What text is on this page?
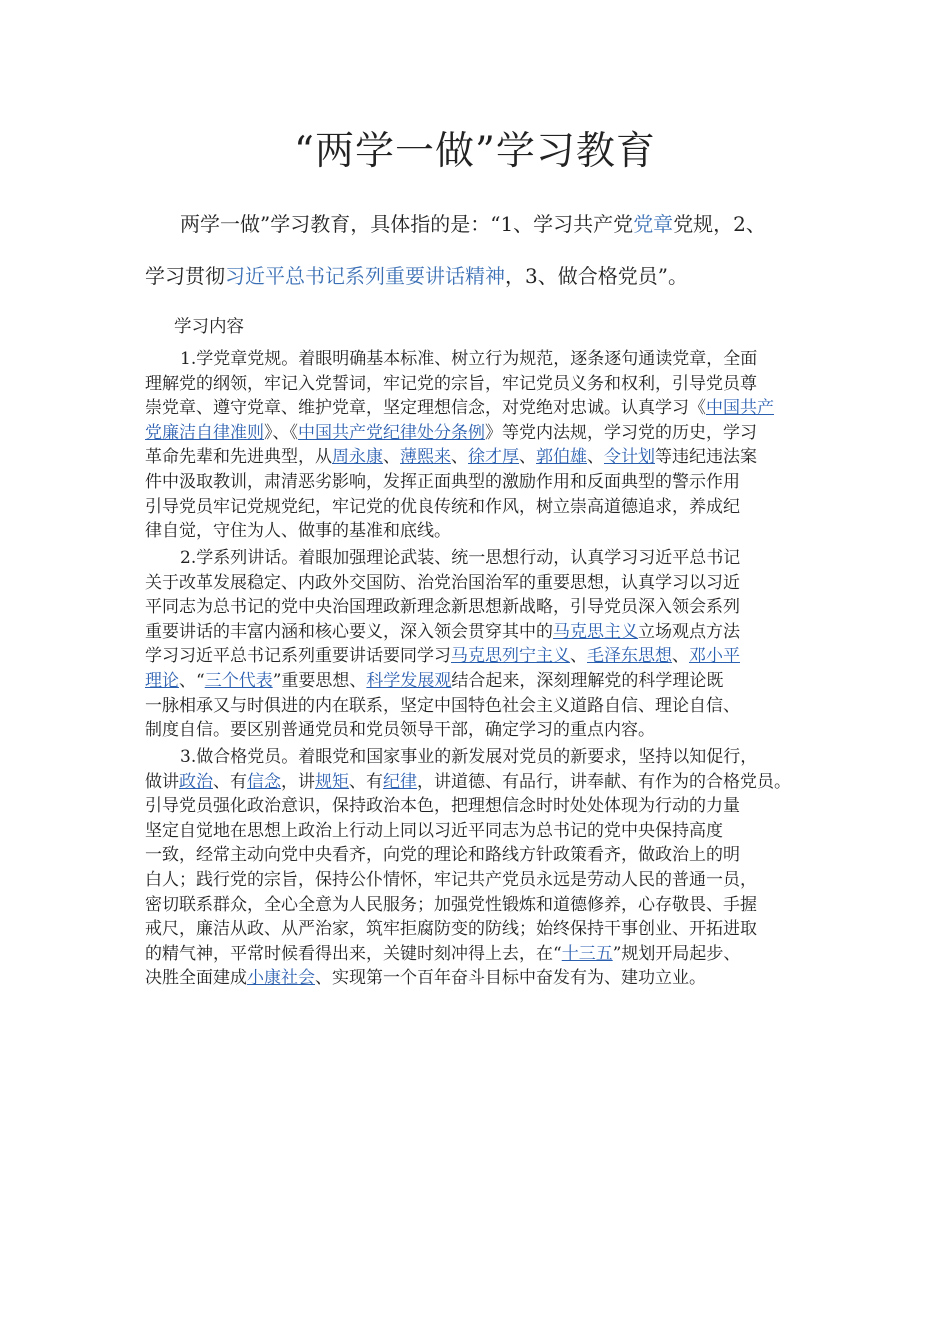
“两学一做”学习教育
两学一做”学习教育，具体指的是：“1、学习共产党党章党规，2、
学习贯彻习近平总书记系列重要讲话精神，3、做合格党员”。
学习内容
1.学党章党规。着眼明确基本标准、树立行为规范，逐条逐句通读党章，全面
理解党的纲领，牢记入党誓词，牢记党的宗旨，牢记党员义务和权利，引导党员尊
崇党章、遵守党章、维护党章，坚定理想信念，对党绝对忠诚。认真学习《中国共产
党廉洁自律准则》、《中国共产党纪律处分条例》等党内法规，学习党的历史，学习
革命先辈和先进典型，从周永康、薄熙来、徐才厚、郭伯雄、令计划等违纪违法案
件中汲取教训，肃清恶劣影响，发挥正面典型的激励作用和反面典型的警示作用
引导党员牢记党规党纪，牢记党的优良传统和作风，树立崇高道德追求，养成纪
律自觉，守住为人、做事的基准和底线。
2.学系列讲话。着眼加强理论武装、统一思想行动，认真学习习近平总书记
关于改革发展稳定、内政外交国防、治党治国治军的重要思想，认真学习以习近
平同志为总书记的党中央治国理政新理念新思想新战略，引导党员深入领会系列
重要讲话的丰富内涵和核心要义，深入领会贯穿其中的马克思主义立场观点方法
学习习近平总书记系列重要讲话要同学习马克思列宁主义、毛泽东思想、邓小平
理论、“三个代表”重要思想、科学发展观结合起来，深刻理解党的科学理论既
一脉相承又与时俱进的内在联系，坚定中国特色社会主义道路自信、理论自信、
制度自信。要区别普通党员和党员领导干部，确定学习的重点内容。
3.做合格党员。着眼党和国家事业的新发展对党员的新要求，坚持以知促行，
做讲政治、有信念，讲规矩、有纪律，讲道德、有品行，讲奉献、有作为的合格党员。
引导党员强化政治意识，保持政治本色，把理想信念时时处处体现为行动的力量
坚定自觉地在思想上政治上行动上同以习近平同志为总书记的党中央保持高度
一致，经常主动向党中央看齐，向党的理论和路线方针政策看齐，做政治上的明
白人；践行党的宗旨，保持公仆情怀，牢记共产党员永远是劳动人民的普通一员，
密切联系群众，全心全意为人民服务；加强党性锻炼和道德修养，心存敬畏、手握
戒尺，廉洁从政、从严治家，筑牢拒腐防变的防线；始终保持干事创业、开拓进取
的精气神，平常时候看得出来，关键时刻冲得上去，在“十三五”规划开局起步、
决胜全面建成小康社会、实现第一个百年奋斗目标中奋发有为、建功立业。
